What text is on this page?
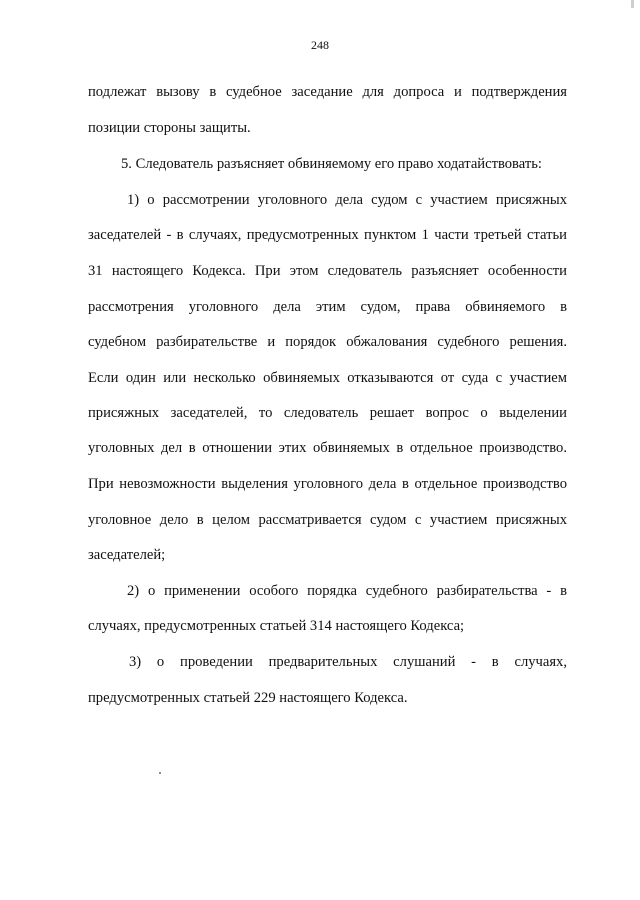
248
подлежат вызову в судебное заседание для допроса и подтверждения
позиции стороны защиты.
5. Следователь разъясняет обвиняемому его право ходатайствовать:
1) о рассмотрении уголовного дела судом с участием присяжных
заседателей - в случаях, предусмотренных пунктом 1 части третьей статьи
31 настоящего Кодекса. При этом следователь разъясняет особенности
рассмотрения уголовного дела этим судом, права обвиняемого в
судебном разбирательстве и порядок обжалования судебного решения.
Если один или несколько обвиняемых отказываются от суда с участием
присяжных заседателей, то следователь решает вопрос о выделении
уголовных дел в отношении этих обвиняемых в отдельное производство.
При невозможности выделения уголовного дела в отдельное производство
уголовное дело в целом рассматривается судом с участием присяжных
заседателей;
2) о применении особого порядка судебного разбирательства - в
случаях, предусмотренных статьей 314 настоящего Кодекса;
3) о проведении предварительных слушаний - в случаях,
предусмотренных статьей 229 настоящего Кодекса.
